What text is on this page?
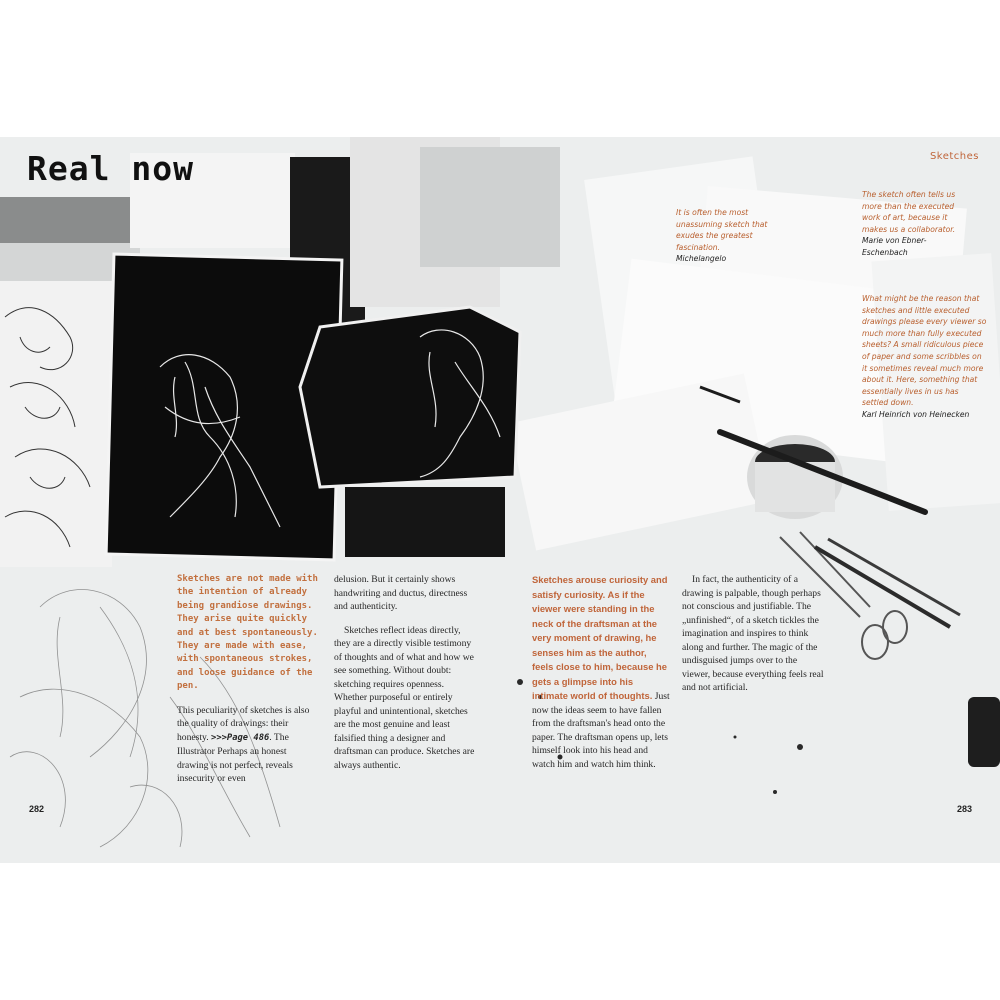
Real now	Sketches

It is often the most unassuming sketch that exudes the greatest fascination.
Michelangelo

The sketch often tells us more than the executed work of art, because it makes us a collaborator.
Marie von Ebner-Eschenbach

What might be the reason that sketches and little executed drawings please every viewer so much more than fully executed sheets? A small ridiculous piece of paper and some scribbles on it sometimes reveal much more about it. Here, something that essentially lives in us has settled down.
Karl Heinrich von Heinecken

Sketches are not made with the intention of already being grandiose drawings. They arise quite quickly and at best spontaneously. They are made with ease, with spontaneous strokes, and loose guidance of the pen.

This peculiarity of sketches is also the quality of drawings: their honesty. >>>Page 486. The Illustrator Perhaps an honest drawing is not perfect, reveals insecurity or even

delusion. But it certainly shows handwriting and ductus, directness and authenticity.

Sketches reflect ideas directly, they are a directly visible testimony of thoughts and of what and how we see something. Without doubt: sketching requires openness. Whether purposeful or entirely playful and unintentional, sketches are the most genuine and least falsified thing a designer and draftsman can produce. Sketches are always authentic.

Sketches arouse curiosity and satisfy curiosity. As if the viewer were standing in the neck of the draftsman at the very moment of drawing, he senses him as the author, feels close to him, because he gets a glimpse into his intimate world of thoughts. Just now the ideas seem to have fallen from the draftsman's head onto the paper. The draftsman opens up, lets himself look into his head and watch him and watch him think.

In fact, the authenticity of a drawing is palpable, though perhaps not conscious and justifiable. The „unfinished“, of a sketch tickles the imagination and inspires to think along and further. The magic of the undisguised jumps over to the viewer, because everything feels real and not artificial.

282	283
